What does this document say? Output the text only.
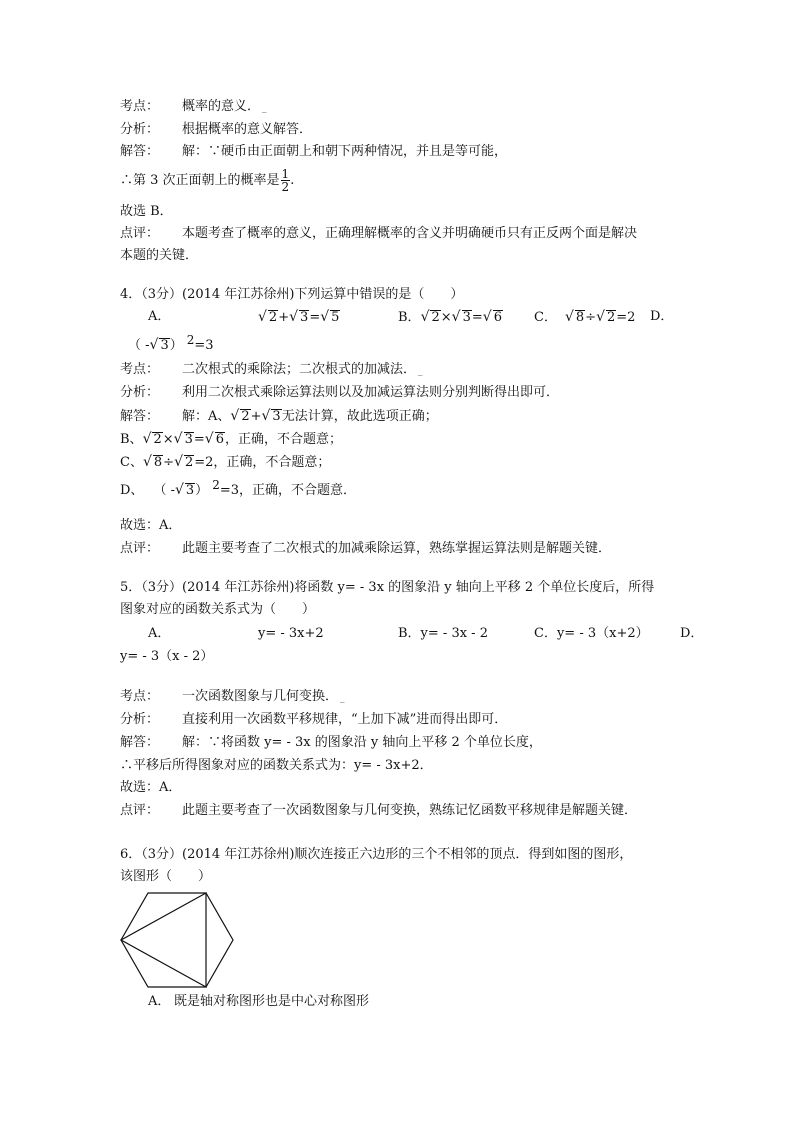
考点： 概率的意义． _
分析： 根据概率的意义解答．
解答： 解：∵硬币由正面朝上和朝下两种情况，并且是等可能，
∴第 3 次正面朝上的概率是 $\frac{1}{2}$ .
故选 B．
点评： 本题考查了概率的意义，正确理解概率的含义并明确硬币只有正反两个面是解决
本题的关键．
4．（3分）(2014 年江苏徐州)下列运算中错误的是（　　）
A．	√ 2+√ 3=√ 5	B．√ 2×√ 3=√ 6 C． √ 8÷√ 2=2 D．
（ -√ 3） 2=3
考点： 二次根式的乘除法；二次根式的加减法． _
分析： 利用二次根式乘除运算法则以及加减运算法则分别判断得出即可．
解答： 解：A、√ 2+√ 3无法计算，故此选项正确；
B、√ 2×√ 3=√ 6，正确，不合题意；
C、√ 8÷√ 2=2，正确，不合题意；
D、 （ -√ 3） 2=3，正确，不合题意．
故选：A．
点评： 此题主要考查了二次根式的加减乘除运算，熟练掌握运算法则是解题关键．
5．（3分）(2014 年江苏徐州)将函数 y= - 3x 的图象沿 y 轴向上平移 2 个单位长度后，所得
图象对应的函数关系式为（　　）
A．	y= - 3x+2	B．y= - 3x - 2	C．y= - 3（x+2） D．
y= - 3（x - 2）
考点： 一次函数图象与几何变换． _
分析： 直接利用一次函数平移规律，“上加下减”进而得出即可．
解答： 解：∵将函数 y= - 3x 的图象沿 y 轴向上平移 2 个单位长度，
∴平移后所得图象对应的函数关系式为：y= - 3x+2．
故选：A．
点评： 此题主要考查了一次函数图象与几何变换，熟练记忆函数平移规律是解题关键．
6．（3分）(2014 年江苏徐州)顺次连接正六边形的三个不相邻的顶点．得到如图的图形，
该图形（　　）
A． 既是轴对称图形也是中心对称图形
